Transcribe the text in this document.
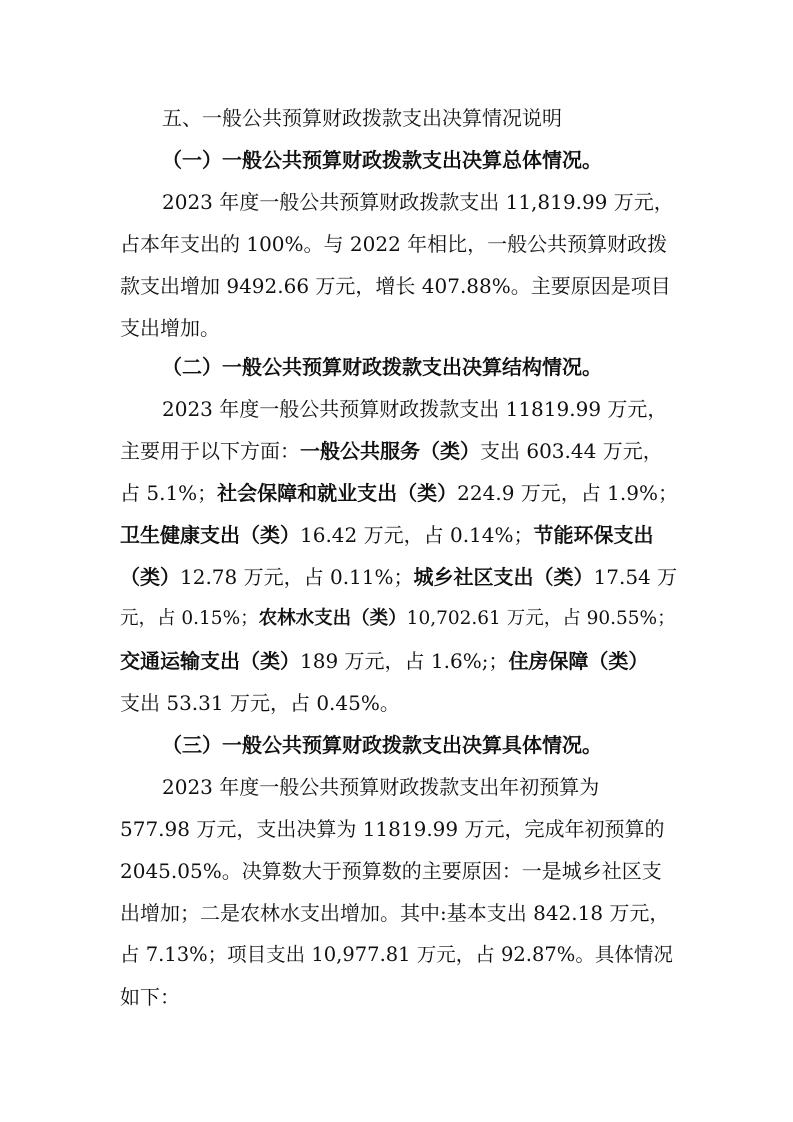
五、一般公共预算财政拨款支出决算情况说明
（一）一般公共预算财政拨款支出决算总体情况。
2023 年度一般公共预算财政拨款支出 11,819.99 万元，
占本年支出的 100%。与 2022 年相比，一般公共预算财政拨
款支出增加 9492.66 万元，增长 407.88%。主要原因是项目
支出增加。
（二）一般公共预算财政拨款支出决算结构情况。
2023 年度一般公共预算财政拨款支出 11819.99 万元，
主要用于以下方面：一般公共服务（类）支出 603.44 万元，
占 5.1%；社会保障和就业支出（类）224.9 万元，占 1.9%；
卫生健康支出（类）16.42 万元，占 0.14%；节能环保支出
（类）12.78 万元，占 0.11%；城乡社区支出（类）17.54 万
元，占 0.15%；农林水支出（类）10,702.61 万元，占 90.55%；
交通运输支出（类）189 万元，占 1.6%;；住房保障（类）
支出 53.31 万元，占 0.45%。
（三）一般公共预算财政拨款支出决算具体情况。
2023 年度一般公共预算财政拨款支出年初预算为
577.98 万元，支出决算为 11819.99 万元，完成年初预算的
2045.05%。决算数大于预算数的主要原因：一是城乡社区支
出增加；二是农林水支出增加。其中:基本支出 842.18 万元，
占 7.13%；项目支出 10,977.81 万元，占 92.87%。具体情况
如下：
